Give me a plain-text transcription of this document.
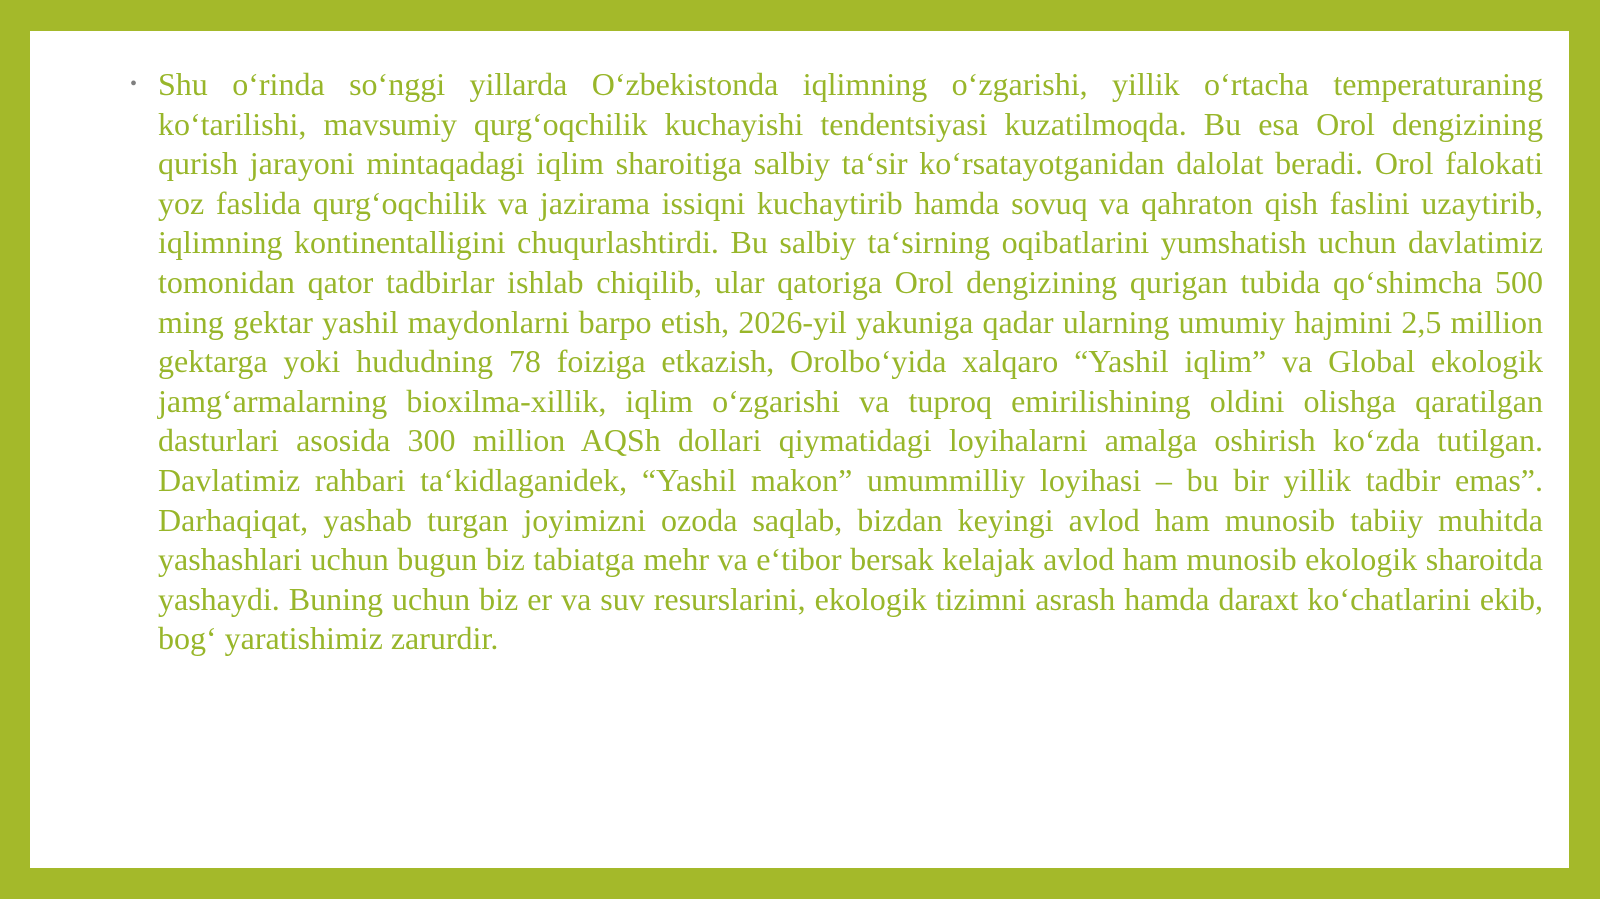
• Shu o‘rinda so‘nggi yillarda O‘zbekistonda iqlimning o‘zgarishi, yillik o‘rtacha temperaturaning ko‘tarilishi, mavsumiy qurg‘oqchilik kuchayishi tendentsiyasi kuzatilmoqda. Bu esa Orol dengizining qurish jarayoni mintaqadagi iqlim sharoitiga salbiy ta‘sir ko‘rsatayotganidan dalolat beradi. Orol falokati yoz faslida qurg‘oqchilik va jazirama issiqni kuchaytirib hamda sovuq va qahraton qish faslini uzaytirib, iqlimning kontinentalligini chuqurlashtirdi. Bu salbiy ta‘sirning oqibatlarini yumshatish uchun davlatimiz tomonidan qator tadbirlar ishlab chiqilib, ular qatoriga Orol dengizining qurigan tubida qo‘shimcha 500 ming gektar yashil maydonlarni barpo etish, 2026-yil yakuniga qadar ularning umumiy hajmini 2,5 million gektarga yoki hududning 78 foiziga etkazish, Orolbo‘yida xalqaro “Yashil iqlim” va Global ekologik jamg‘armalarning bioxilma-xillik, iqlim o‘zgarishi va tuproq emirilishining oldini olishga qaratilgan dasturlari asosida 300 million AQSh dollari qiymatidagi loyihalarni amalga oshirish ko‘zda tutilgan. Davlatimiz rahbari ta‘kidlaganidek, “Yashil makon” umummilliy loyihasi – bu bir yillik tadbir emas”. Darhaqiqat, yashab turgan joyimizni ozoda saqlab, bizdan keyingi avlod ham munosib tabiiy muhitda yashashlari uchun bugun biz tabiatga mehr va e‘tibor bersak kelajak avlod ham munosib ekologik sharoitda yashaydi. Buning uchun biz er va suv resurslarini, ekologik tizimni asrash hamda daraxt ko‘chatlarini ekib, bog‘ yaratishimiz zarurdir.
